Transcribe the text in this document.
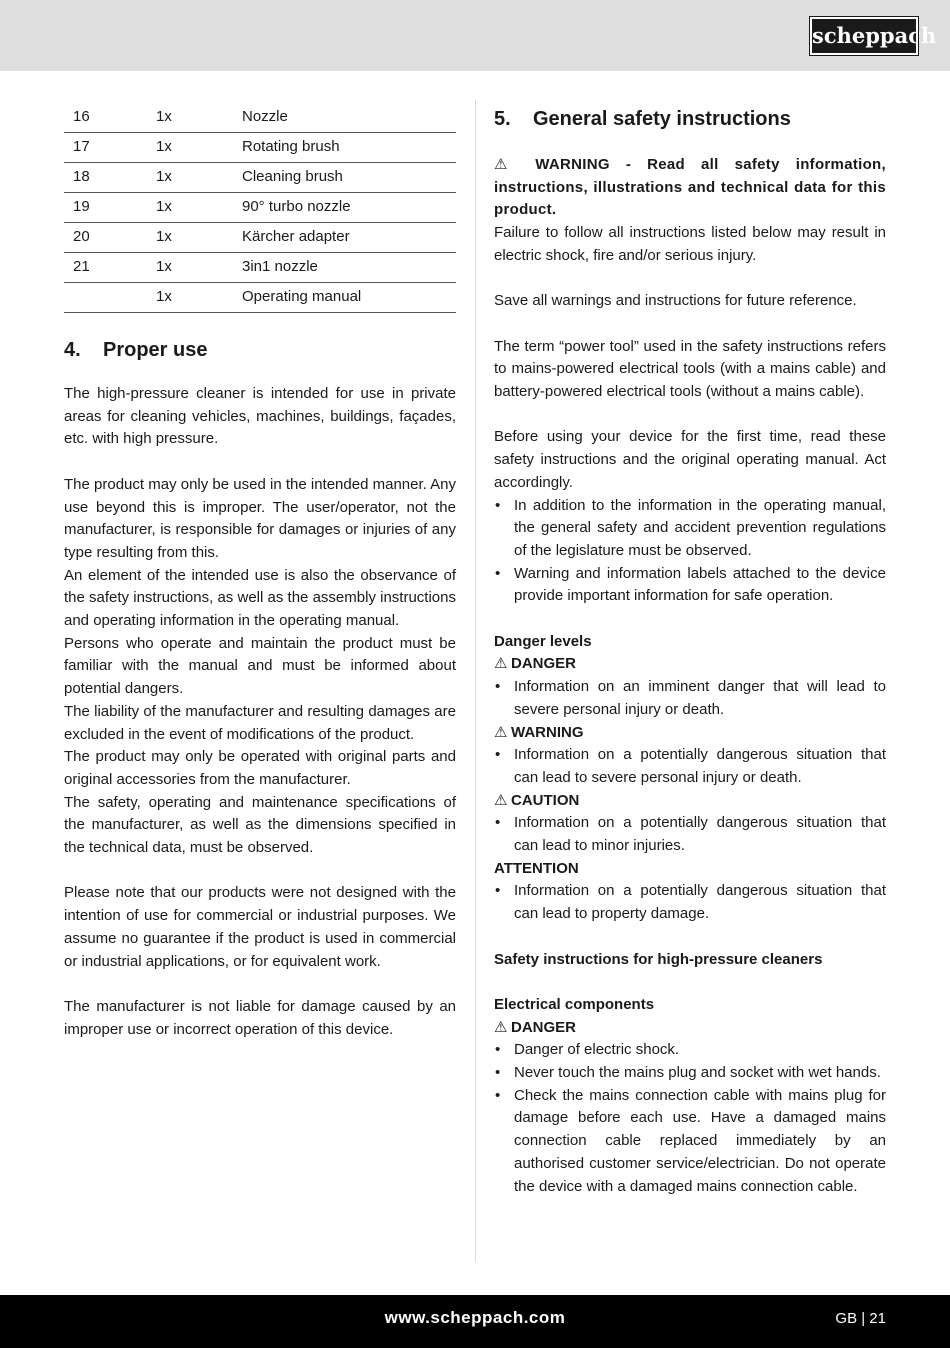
scheppach
16	1x	Nozzle
17	1x	Rotating brush
18	1x	Cleaning brush
19	1x	90° turbo nozzle
20	1x	Kärcher adapter
21	1x	3in1 nozzle
	1x	Operating manual
4.	Proper use

The high-pressure cleaner is intended for use in private areas for cleaning vehicles, machines, buildings, façades, etc. with high pressure.

The product may only be used in the intended manner. Any use beyond this is improper. The user/operator, not the manufacturer, is responsible for damages or injuries of any type resulting from this.

An element of the intended use is also the observance of the safety instructions, as well as the assembly instructions and operating information in the operating manual.

Persons who operate and maintain the product must be familiar with the manual and must be informed about potential dangers.

The liability of the manufacturer and resulting damages are excluded in the event of modifications of the product.

The product may only be operated with original parts and original accessories from the manufacturer.

The safety, operating and maintenance specifications of the manufacturer, as well as the dimensions specified in the technical data, must be observed.

Please note that our products were not designed with the intention of use for commercial or industrial purposes. We assume no guarantee if the product is used in commercial or industrial applications, or for equivalent work.

The manufacturer is not liable for damage caused by an improper use or incorrect operation of this device.

5.	General safety instructions

⚠ WARNING - Read all safety information, instructions, illustrations and technical data for this product.

Failure to follow all instructions listed below may result in electric shock, fire and/or serious injury.

Save all warnings and instructions for future reference.

The term “power tool” used in the safety instructions refers to mains-powered electrical tools (with a mains cable) and battery-powered electrical tools (without a mains cable).

Before using your device for the first time, read these safety instructions and the original operating manual. Act accordingly.

• In addition to the information in the operating manual, the general safety and accident prevention regulations of the legislature must be observed.
• Warning and information labels attached to the device provide important information for safe operation.

Danger levels

⚠ DANGER

• Information on an imminent danger that will lead to severe personal injury or death.

⚠ WARNING

• Information on a potentially dangerous situation that can lead to severe personal injury or death.

⚠ CAUTION

• Information on a potentially dangerous situation that can lead to minor injuries.

ATTENTION

• Information on a potentially dangerous situation that can lead to property damage.

Safety instructions for high-pressure cleaners

Electrical components

⚠ DANGER

• Danger of electric shock.
• Never touch the mains plug and socket with wet hands.
• Check the mains connection cable with mains plug for damage before each use. Have a damaged mains connection cable replaced immediately by an authorised customer service/electrician. Do not operate the device with a damaged mains connection cable.
www.scheppach.com	GB | 21
